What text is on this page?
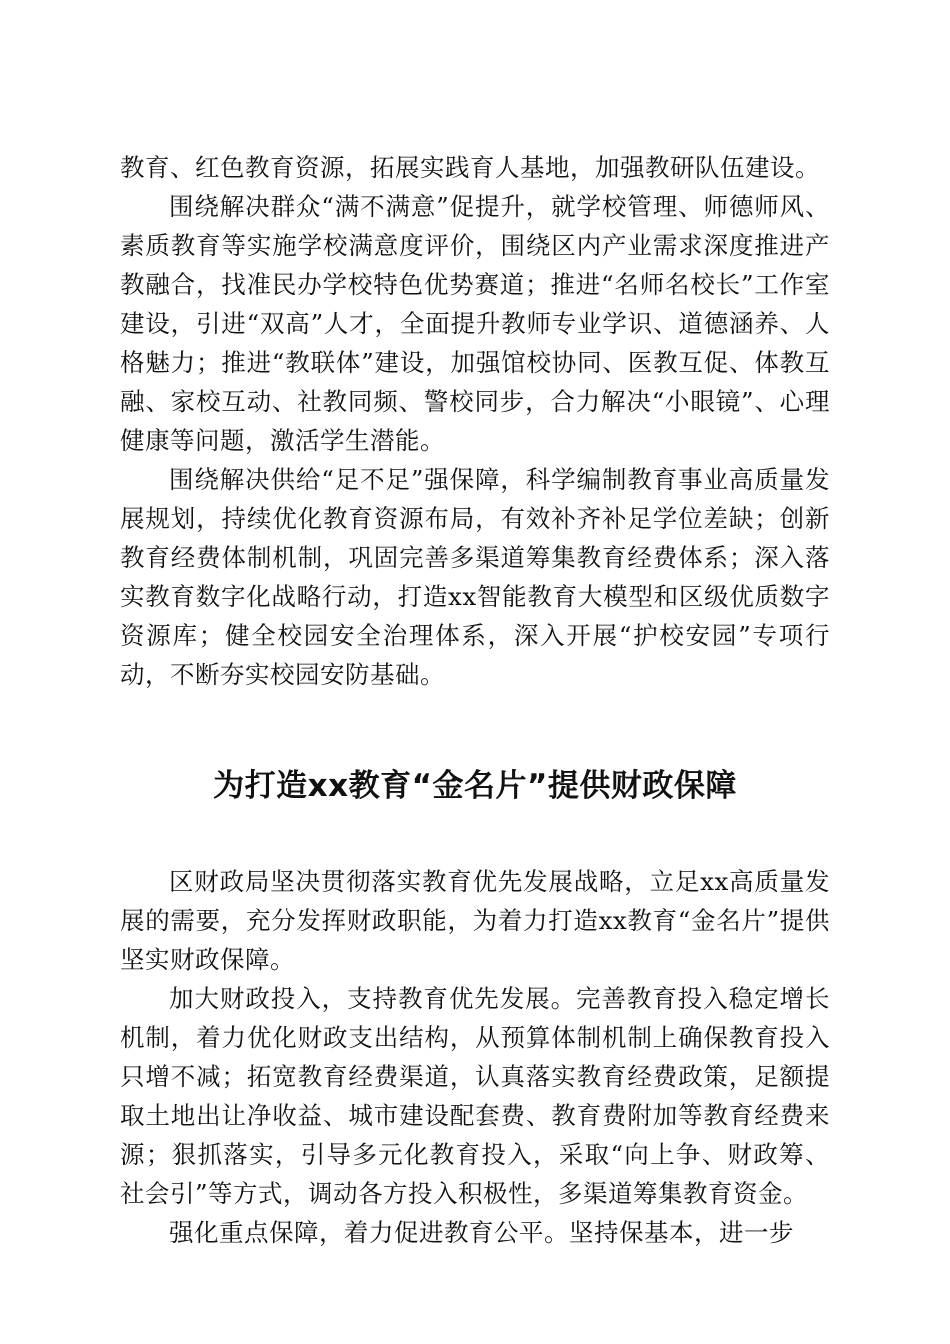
教育、红色教育资源，拓展实践育人基地，加强教研队伍建设。

围绕解决群众“满不满意”促提升，就学校管理、师德师风、素质教育等实施学校满意度评价，围绕区内产业需求深度推进产教融合，找准民办学校特色优势赛道；推进“名师名校长”工作室建设，引进“双高”人才，全面提升教师专业学识、道德涵养、人格魅力；推进“教联体”建设，加强馆校协同、医教互促、体教互融、家校互动、社教同频、警校同步，合力解决“小眼镜”、心理健康等问题，激活学生潜能。

围绕解决供给“足不足”强保障，科学编制教育事业高质量发展规划，持续优化教育资源布局，有效补齐补足学位差缺；创新教育经费体制机制，巩固完善多渠道筹集教育经费体系；深入落实教育数字化战略行动，打造xx智能教育大模型和区级优质数字资源库；健全校园安全治理体系，深入开展“护校安园”专项行动，不断夯实校园安防基础。

为打造xx教育“金名片”提供财政保障

区财政局坚决贯彻落实教育优先发展战略，立足xx高质量发展的需要，充分发挥财政职能，为着力打造xx教育“金名片”提供坚实财政保障。

加大财政投入，支持教育优先发展。完善教育投入稳定增长机制，着力优化财政支出结构，从预算体制机制上确保教育投入只增不减；拓宽教育经费渠道，认真落实教育经费政策，足额提取土地出让净收益、城市建设配套费、教育费附加等教育经费来源；狠抓落实，引导多元化教育投入，采取“向上争、财政筹、社会引”等方式，调动各方投入积极性，多渠道筹集教育资金。

强化重点保障，着力促进教育公平。坚持保基本，进一步
